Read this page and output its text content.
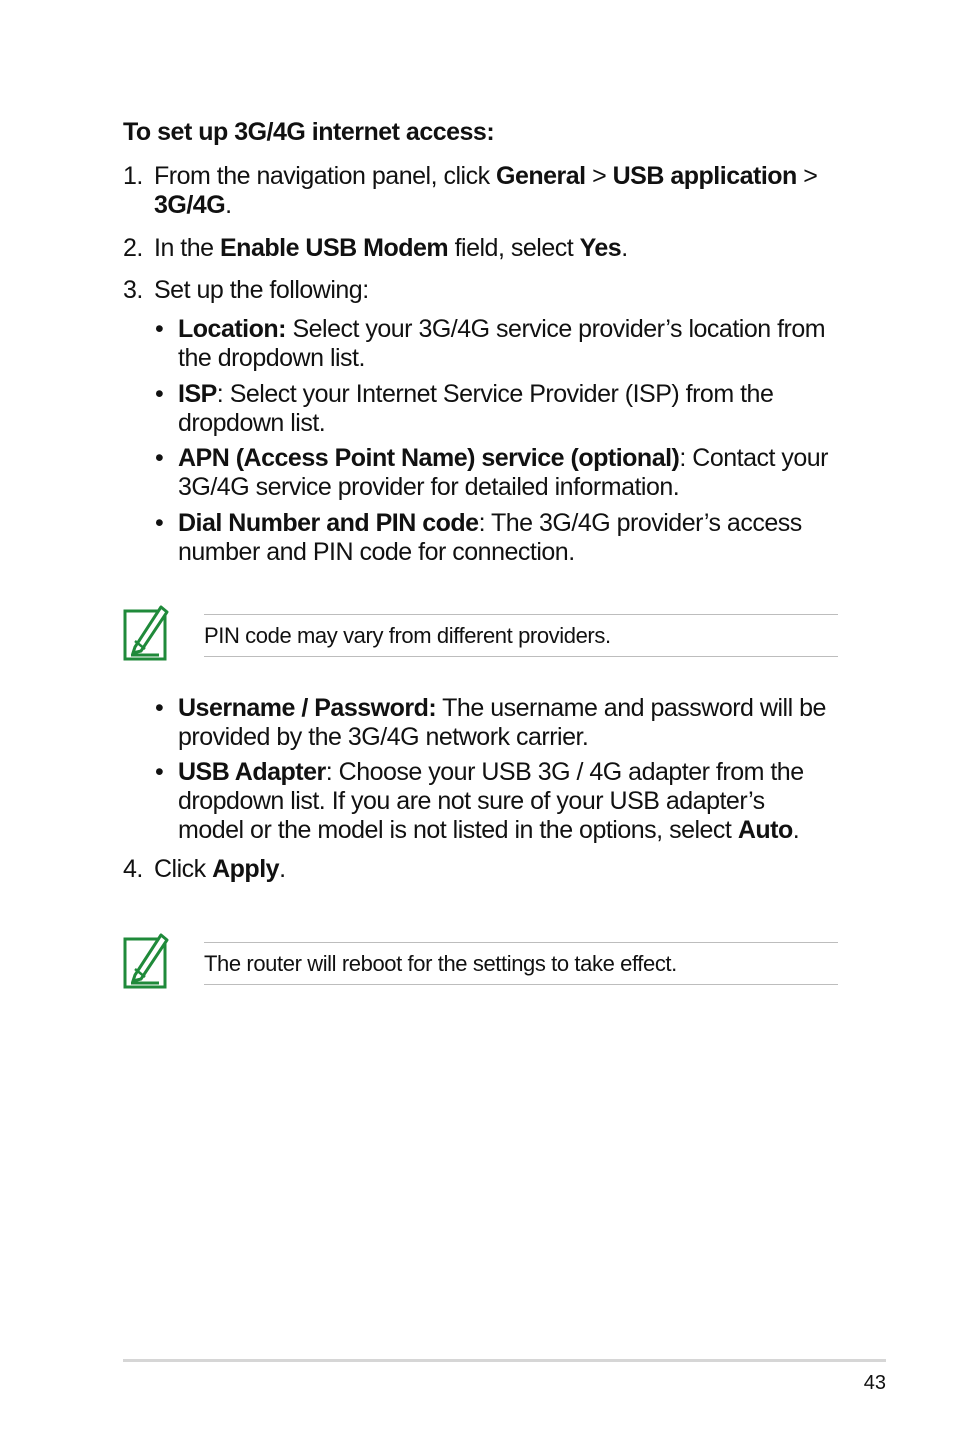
To set up 3G/4G internet access:
1. From the navigation panel, click General > USB application >
3G/4G.
2. In the Enable USB Modem field, select Yes.
3. Set up the following:
• Location: Select your 3G/4G service provider’s location from
the dropdown list.
• ISP: Select your Internet Service Provider (ISP) from the
dropdown list.
• APN (Access Point Name) service (optional): Contact your
3G/4G service provider for detailed information.
• Dial Number and PIN code: The 3G/4G provider’s access
number and PIN code for connection.
PIN code may vary from different providers.
• Username / Password: The username and password will be
provided by the 3G/4G network carrier.
• USB Adapter: Choose your USB 3G / 4G adapter from the
dropdown list. If you are not sure of your USB adapter’s
model or the model is not listed in the options, select Auto.
4. Click Apply.
The router will reboot for the settings to take effect.
43
